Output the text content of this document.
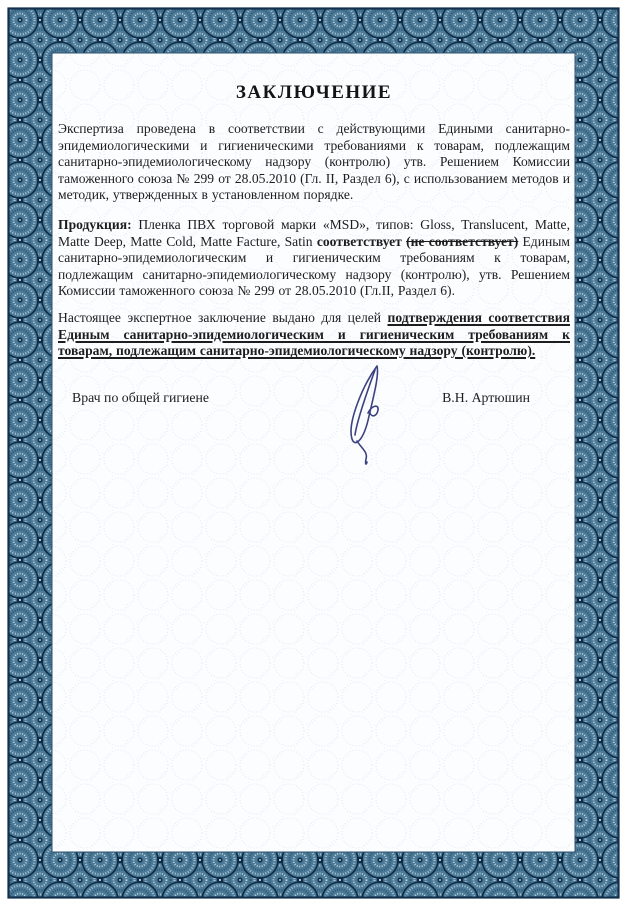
ЗАКЛЮЧЕНИЕ

Экспертиза проведена в соответствии с действующими Едиными санитарно-эпидемиологическими и гигиеническими требованиями к товарам, подлежащим санитарно-эпидемиологическому надзору (контролю) утв. Решением Комиссии таможенного союза № 299 от 28.05.2010 (Гл. II, Раздел 6), с использованием методов и методик, утвержденных в установленном порядке.

Продукция: Пленка ПВХ торговой марки «MSD», типов: Gloss, Translucent, Matte, Matte Deep, Matte Cold, Matte Facture, Satin соответствует (не соответствует) Единым санитарно-эпидемиологическим и гигиеническим требованиям к товарам, подлежащим санитарно-эпидемиологическому надзору (контролю), утв. Решением Комиссии таможенного союза № 299 от 28.05.2010 (Гл.II, Раздел 6).

Настоящее экспертное заключение выдано для целей подтверждения соответствия Единым санитарно-эпидемиологическим и гигиеническим требованиям к товарам, подлежащим санитарно-эпидемиологическому надзору (контролю).

Врач по общей гигиене	В.Н. Артюшин
